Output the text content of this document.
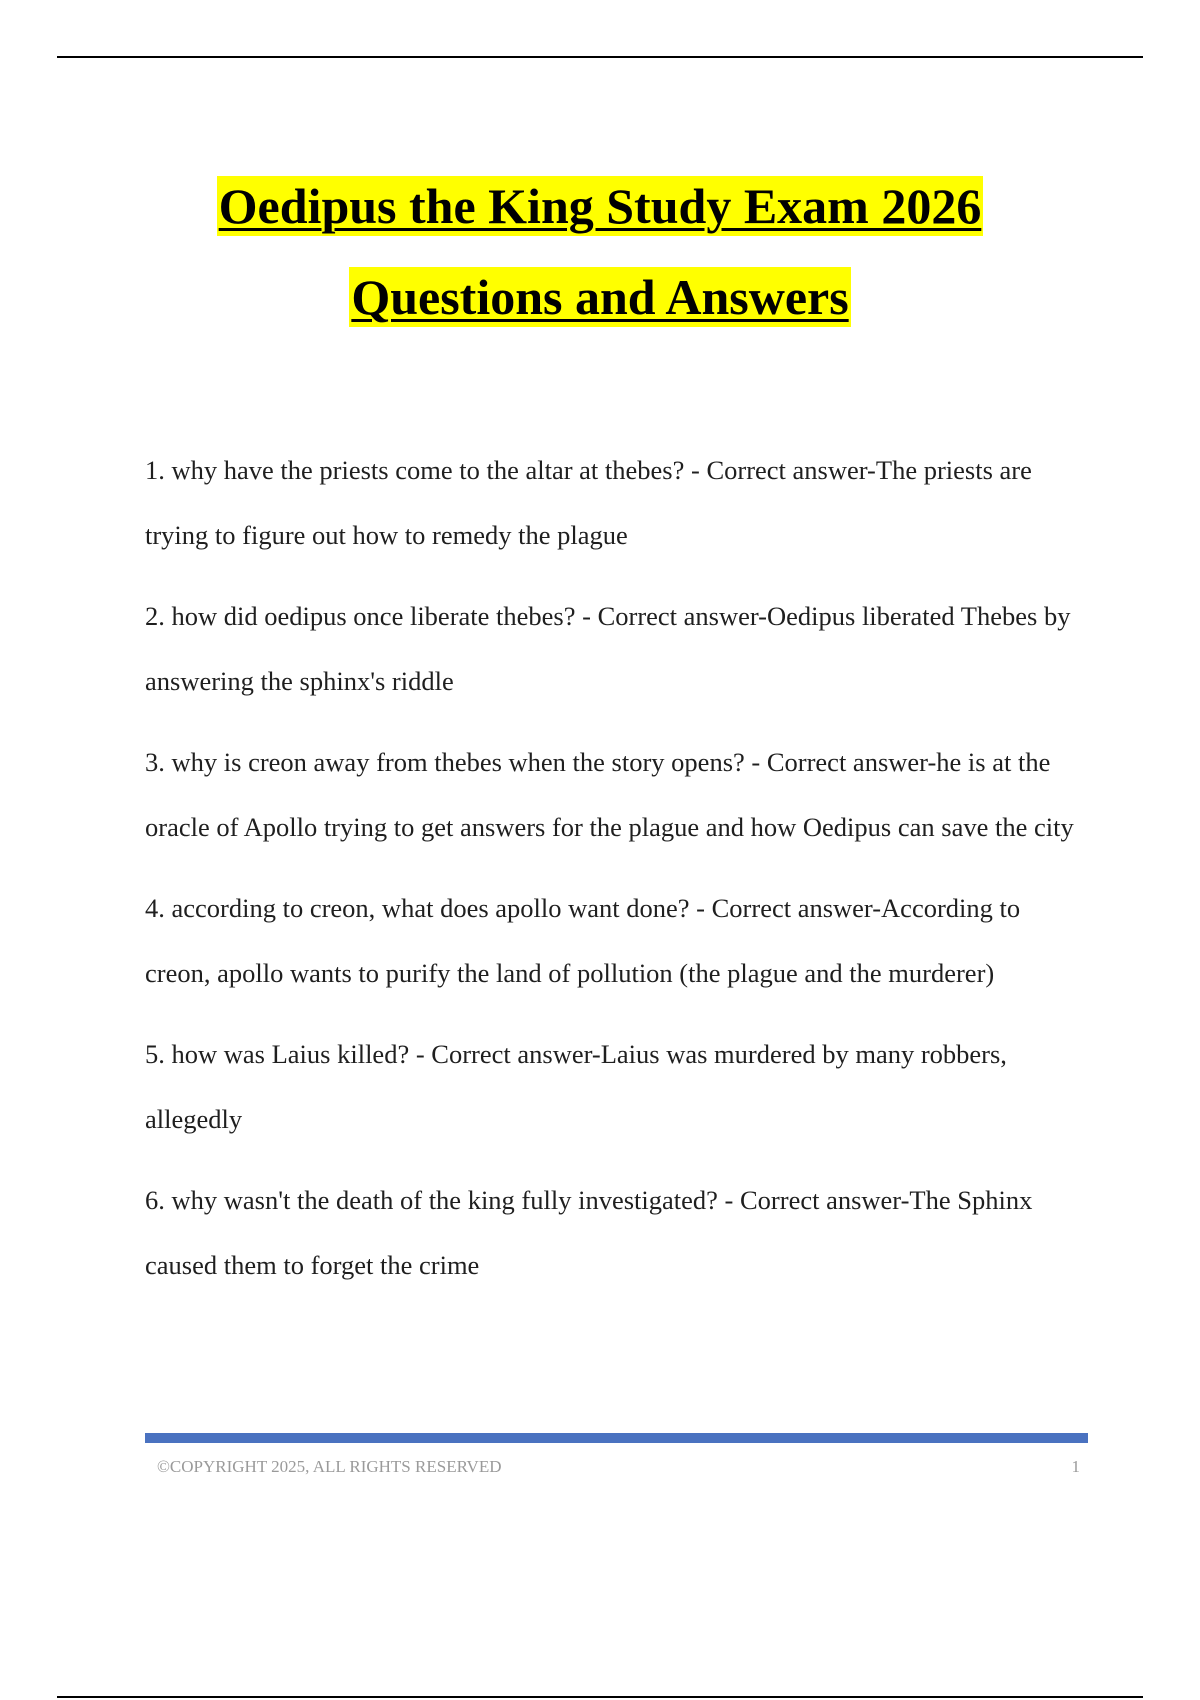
Oedipus the King Study Exam 2026
Questions and Answers

1. why have the priests come to the altar at thebes? - Correct answer-The priests are trying to figure out how to remedy the plague

2. how did oedipus once liberate thebes? - Correct answer-Oedipus liberated Thebes by answering the sphinx's riddle

3. why is creon away from thebes when the story opens? - Correct answer-he is at the oracle of Apollo trying to get answers for the plague and how Oedipus can save the city

4. according to creon, what does apollo want done? - Correct answer-According to creon, apollo wants to purify the land of pollution (the plague and the murderer)

5. how was Laius killed? - Correct answer-Laius was murdered by many robbers, allegedly

6. why wasn't the death of the king fully investigated? - Correct answer-The Sphinx caused them to forget the crime

©COPYRIGHT 2025, ALL RIGHTS RESERVED	1
